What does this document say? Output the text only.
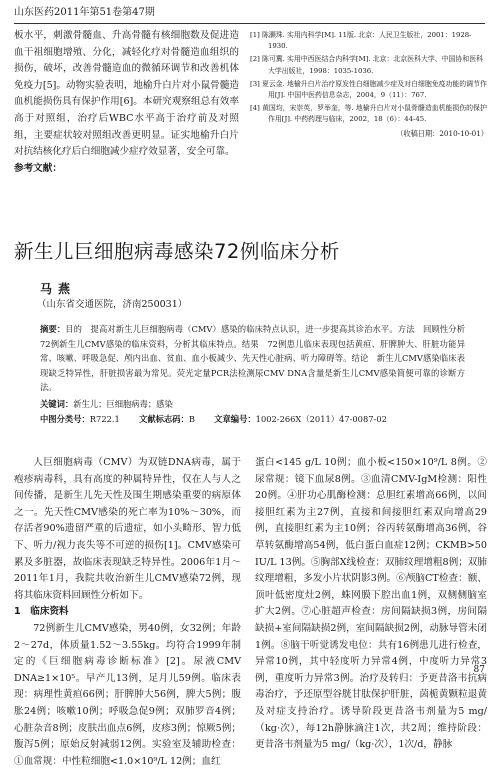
山东医药2011年第51卷第47期

板水平，刺激骨髓血、升高骨髓有核细胞数及促进造血干祖细胞增殖、分化，减轻化疗对骨髓造血组织的损伤，破坏，改善骨髓造血的微循环调节和改善机体免疫力[5]。动物实验表明，地榆升白片对小鼠骨髓造血机能损伤具有保护作用[6]。本研究观察组总有效率高于对照组，治疗后WBC水平高于治疗前及对照组，主要症状较对照组改善更明显。证实地榆升白片对抗结核化疗后白细胞减少症疗效显著，安全可靠。

参考文献：

[1] 陈灏珠. 实用内科学[M]. 11版. 北京：人民卫生版社，2001：1928-1930.

[2] 陈可冀. 实用中西医结合内科学[M]. 北京：北京医科大学、中国协和医科大学出版社，1998：1035-1036.

[3] 夏云金. 地榆升白片治疗原发性白细胞减少症及对白细胞免疫功能的调节作用[J]. 中国中医药信息杂志，2004，9（11）：767.

[4] 黄国均，宋崇英，罗举奎，等. 地榆升白片对小鼠骨髓造血机能损伤的保护作用[J]. 中药药理与临床，2002，18（6）：44-45.

（收稿日期：2010-10-01）
新生儿巨细胞病毒感染72例临床分析
马燕
（山东省交通医院，济南250031）
摘要：目的　提高对新生儿巨细胞病毒（CMV）感染的临床特点认识，进一步提高其诊治水平。方法　回顾性分析72例新生儿CMV感染的临床资料，分析其临床特点。结果　72例患儿临床表现包括黄疸、肝脾肿大、肝脏功能异常、咳嗽、呼吸急促、颅内出血、贫血、血小板减少、先天性心脏病、听力障碍等。结论　新生儿CMV感染临床表现缺乏特异性，肝脏损害最为常见。荧光定量PCR法检测尿CMV DNA含量是新生儿CMV感染简便可靠的诊断方法。
关键词：新生儿；巨细胞病毒；感染
中图分类号：R722.1   文献标志码：B   文章编号：1002-266X（2011）47-0087-02

人巨细胞病毒（CMV）为双链DNA病毒，属于疱疹病毒科，具有高度的种属特异性，仅在人与人之间传播，是新生儿先天性及围生期感染重要的病原体之一。先天性CMV感染的死亡率为10%～30%，而存活者90%遗留严重的后遗症，如小头畸形、智力低下、听力/视力丧失等不可逆的损伤[1]。CMV感染可累及多脏器，故临床表现缺乏特异性。2006年1月～2011年1月，我院共收治新生儿CMV感染72例，现将其临床资料回顾性分析如下。

1　临床资料

72例新生儿CMV感染，男40例，女32例；年龄2～27d，体质量1.52～3.55kg。均符合1999年制定的《巨细胞病毒诊断标准》[2]。尿液CMV DNA≥1×10⁵。早产儿13例，足月儿59例。临床表现：病理性黄疸66例；肝脾肿大56例，脾大5例；腹胀24例；咳嗽10例；呼吸急促9例；双肺罗音4例；心脏杂音8例；皮肤出血点6例，皮疹3例；惊厥5例；腹泻5例；原始反射减弱12例。实验室及辅助检查：①血常规：中性粒细胞<1.0×10⁹/L 12例；血红

蛋白<145 g/L 10例；血小板<150×10⁹/L 8例。②尿常规：镜下血尿8例。③血清CMV-IgM检测：阳性20例。④肝功心肌酶检测：总胆红素增高66例，以间接胆红素为主27例，直接和间接胆红素双向增高29例，直接胆红素为主10例；谷丙转氨酶增高36例，谷草转氨酶增高54例，低白蛋白血症12例；CKMB>50 IU/L 13例。⑤胸部X线检查：双肺纹理增粗8例；双肺纹理增粗，多发小片状阴影3例。⑥颅脑CT检查：额、顶叶低密度灶2例，蛛网膜下腔出血1例，双侧侧脑室扩大2例。⑦心脏超声检查：房间隔缺损3例，房间隔缺损+室间隔缺损2例，室间隔缺损2例，动脉导管未闭1例。⑧脑干听觉诱发电位：共有16例患儿进行检查，异常10例，其中轻度听力异常4例，中度听力异常3例，重度听力异常3例。治疗及转归：予更昔洛韦抗病毒治疗，予还原型谷胱甘肽保护肝脏，茵栀黄颗粒退黄及对症支持治疗。诱导阶段更昔洛韦剂量为5 mg/（kg·次），每12h静脉滴注1次，共2周；维持阶段：更昔洛韦剂量为5 mg/（kg·次），1次/d，静脉

87
